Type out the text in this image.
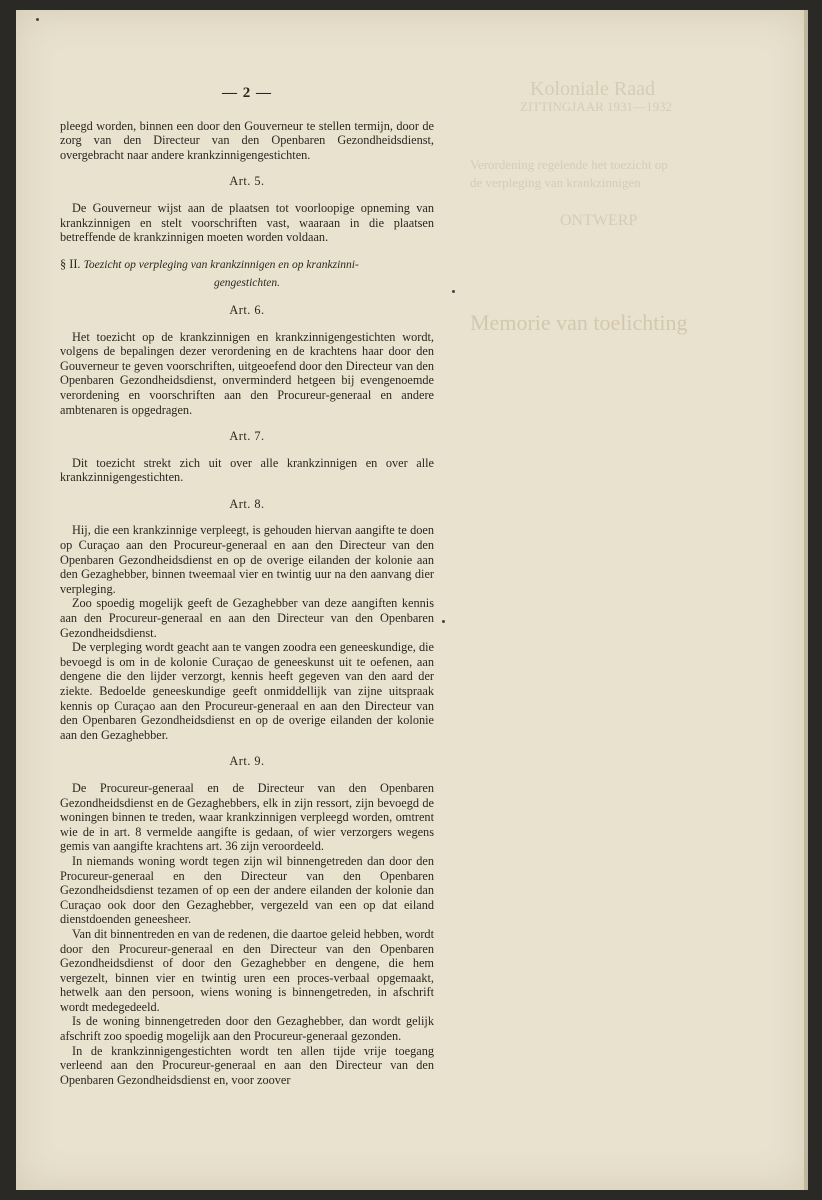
Koloniale Raad
ZITTINGJAAR 1931—1932
Verordening regelende het toezicht op
de verpleging van krankzinnigen
ONTWERP
Memorie van toelichting
— 2 —

pleegd worden, binnen een door den Gouverneur te stellen termijn, door de zorg van den Directeur van den Openbaren Gezondheidsdienst, overgebracht naar andere krankzinnigengestichten.

Art. 5.

De Gouverneur wijst aan de plaatsen tot voorloopige opneming van krankzinnigen en stelt voorschriften vast, waaraan in die plaatsen betreffende de krankzinnigen moeten worden voldaan.

§ II. Toezicht op verpleging van krankzinnigen en op krankzinni-
gengestichten.
Art. 6.

Het toezicht op de krankzinnigen en krankzinnigengestichten wordt, volgens de bepalingen dezer verordening en de krachtens haar door den Gouverneur te geven voorschriften, uitgeoefend door den Directeur van den Openbaren Gezondheidsdienst, onverminderd hetgeen bij evengenoemde verordening en voorschriften aan den Procureur-generaal en andere ambtenaren is opgedragen.

Art. 7.

Dit toezicht strekt zich uit over alle krankzinnigen en over alle krankzinnigengestichten.

Art. 8.

Hij, die een krankzinnige verpleegt, is gehouden hiervan aangifte te doen op Curaçao aan den Procureur-generaal en aan den Directeur van den Openbaren Gezondheidsdienst en op de overige eilanden der kolonie aan den Gezaghebber, binnen tweemaal vier en twintig uur na den aanvang dier verpleging.

Zoo spoedig mogelijk geeft de Gezaghebber van deze aangiften kennis aan den Procureur-generaal en aan den Directeur van den Openbaren Gezondheidsdienst.

De verpleging wordt geacht aan te vangen zoodra een geneeskundige, die bevoegd is om in de kolonie Curaçao de geneeskunst uit te oefenen, aan dengene die den lijder verzorgt, kennis heeft gegeven van den aard der ziekte. Bedoelde geneeskundige geeft onmiddellijk van zijne uitspraak kennis op Curaçao aan den Procureur-generaal en aan den Directeur van den Openbaren Gezondheidsdienst en op de overige eilanden der kolonie aan den Gezaghebber.

Art. 9.

De Procureur-generaal en de Directeur van den Openbaren Gezondheidsdienst en de Gezaghebbers, elk in zijn ressort, zijn bevoegd de woningen binnen te treden, waar krankzinnigen verpleegd worden, omtrent wie de in art. 8 vermelde aangifte is gedaan, of wier verzorgers wegens gemis van aangifte krachtens art. 36 zijn veroordeeld.

In niemands woning wordt tegen zijn wil binnengetreden dan door den Procureur-generaal en den Directeur van den Openbaren Gezondheidsdienst tezamen of op een der andere eilanden der kolonie dan Curaçao ook door den Gezaghebber, vergezeld van een op dat eiland dienstdoenden geneesheer.

Van dit binnentreden en van de redenen, die daartoe geleid hebben, wordt door den Procureur-generaal en den Directeur van den Openbaren Gezondheidsdienst of door den Gezaghebber en dengene, die hem vergezelt, binnen vier en twintig uren een proces-verbaal opgemaakt, hetwelk aan den persoon, wiens woning is binnengetreden, in afschrift wordt medegedeeld.

Is de woning binnengetreden door den Gezaghebber, dan wordt gelijk afschrift zoo spoedig mogelijk aan den Procureur-generaal gezonden.

In de krankzinnigengestichten wordt ten allen tijde vrije toegang verleend aan den Procureur-generaal en aan den Directeur van den Openbaren Gezondheidsdienst en, voor zoover
